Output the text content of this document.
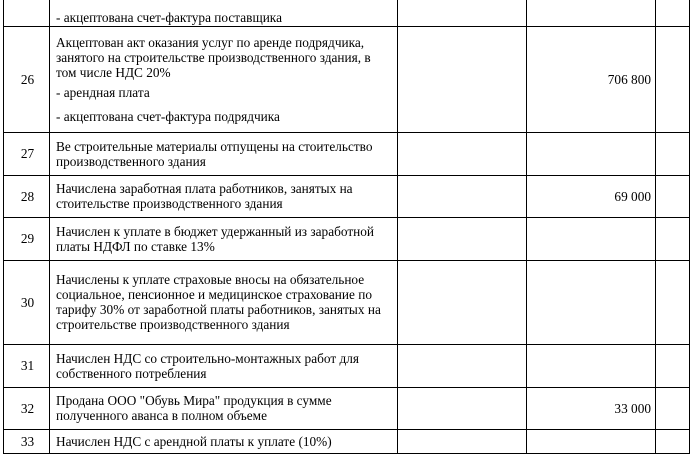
	- акцептована счет-фактура поставщика			
26	Акцептован акт оказания услуг по аренде подрядчика, занятого на строительстве производственного здания, в том числе НДС 20%
- арендная плата
- акцептована счет-фактура подрядчика		706 800	
27	Ве строительные материалы отпущены на стоительство производственного здания			
28	Начислена заработная плата работников, занятых на стоительстве производственного здания		69 000	
29	Начислен к уплате в бюджет удержанный из заработной платы НДФЛ по ставке 13%			
30	Начислены к уплате страховые вносы на обязательное социальное, пенсионное и медицинское страхование по тарифу 30% от заработной платы работников, занятых на строительстве производственного здания			
31	Начислен НДС со строительно-монтажных работ для собственного потребления			
32	Продана ООО "Обувь Мира" продукция в сумме полученного аванса в полном объеме		33 000	
33	Начислен НДС с арендной платы к уплате (10%)			
